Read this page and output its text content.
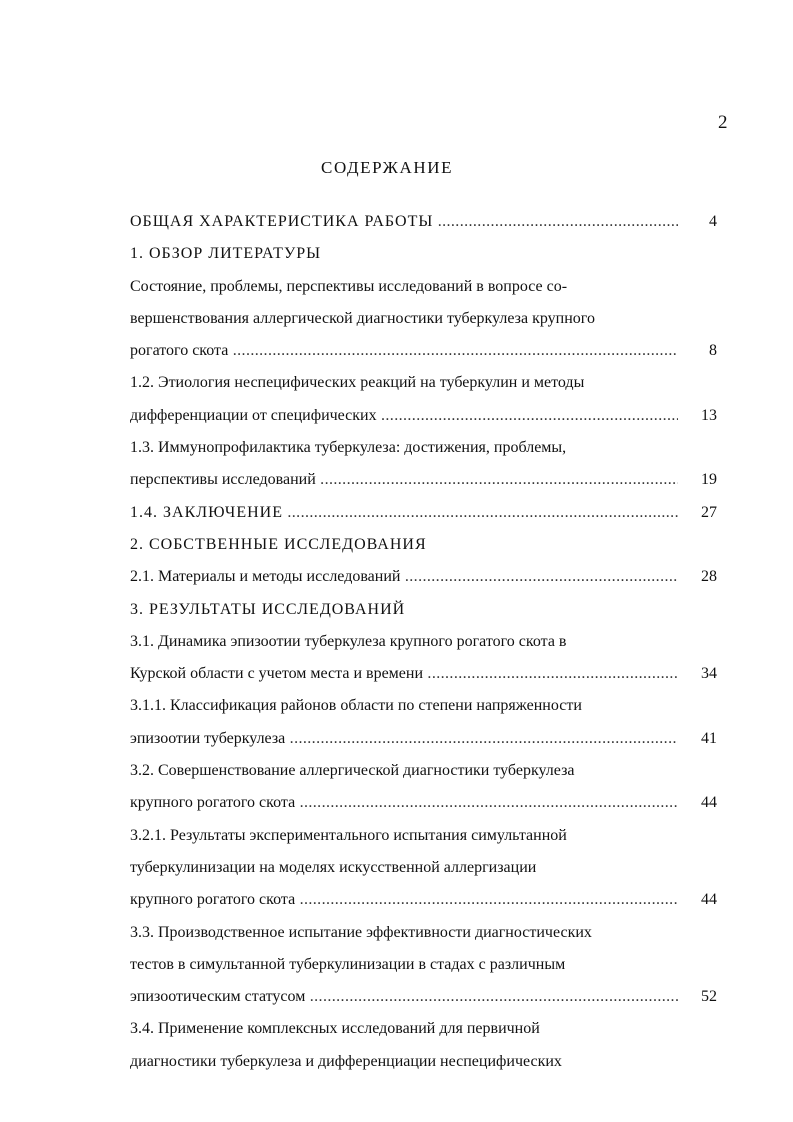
2
СОДЕРЖАНИЕ
ОБЩАЯ ХАРАКТЕРИСТИКА РАБОТЫ .....	4
1. ОБЗОР ЛИТЕРАТУРЫ
Состояние, проблемы, перспективы исследований в вопросе со-
вершенствования аллергической диагностики туберкулеза крупного
рогатого скота .....	8
1.2. Этиология неспецифических реакций на туберкулин и методы
дифференциации от специфических .....	13
1.3. Иммунопрофилактика туберкулеза: достижения, проблемы,
перспективы исследований .....	19
1.4. ЗАКЛЮЧЕНИЕ .....	27
2. СОБСТВЕННЫЕ ИССЛЕДОВАНИЯ
2.1. Материалы и методы исследований .....	28
3. РЕЗУЛЬТАТЫ ИССЛЕДОВАНИЙ
3.1. Динамика эпизоотии туберкулеза крупного рогатого скота в
Курской области с учетом места и времени .....	34
3.1.1. Классификация районов области по степени напряженности
эпизоотии туберкулеза .....	41
3.2. Совершенствование аллергической диагностики туберкулеза
крупного рогатого скота .....	44
3.2.1. Результаты экспериментального испытания симультанной
туберкулинизации на моделях искусственной аллергизации
крупного рогатого скота .....	44
3.3. Производственное испытание эффективности диагностических
тестов в симультанной туберкулинизации в стадах с различным
эпизоотическим статусом .....	52
3.4. Применение комплексных исследований для первичной
диагностики туберкулеза и дифференциации неспецифических
